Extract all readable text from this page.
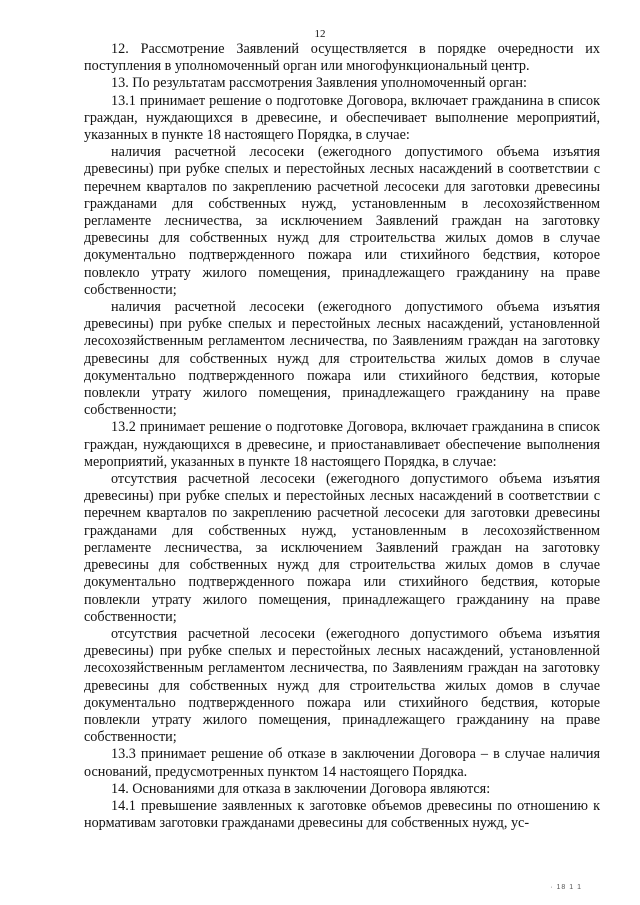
12

12. Рассмотрение Заявлений осуществляется в порядке очередности их поступления в уполномоченный орган или многофункциональный центр.

13. По результатам рассмотрения Заявления уполномоченный орган:

13.1 принимает решение о подготовке Договора, включает гражданина в список граждан, нуждающихся в древесине, и обеспечивает выполнение мероприятий, указанных в пункте 18 настоящего Порядка, в случае:

наличия расчетной лесосеки (ежегодного допустимого объема изъятия древесины) при рубке спелых и перестойных лесных насаждений в соответствии с перечнем кварталов по закреплению расчетной лесосеки для заготовки древесины гражданами для собственных нужд, установленным в лесохозяйственном регламенте лесничества, за исключением Заявлений граждан на заготовку древесины для собственных нужд для строительства жилых домов в случае документально подтвержденного пожара или стихийного бедствия, которое повлекло утрату жилого помещения, принадлежащего гражданину на праве собственности;

наличия расчетной лесосеки (ежегодного допустимого объема изъятия древесины) при рубке спелых и перестойных лесных насаждений, установленной лесохозяйственным регламентом лесничества, по Заявлениям граждан на заготовку древесины для собственных нужд для строительства жилых домов в случае документально подтвержденного пожара или стихийного бедствия, которые повлекли утрату жилого помещения, принадлежащего гражданину на праве собственности;

13.2 принимает решение о подготовке Договора, включает гражданина в список граждан, нуждающихся в древесине, и приостанавливает обеспечение выполнения мероприятий, указанных в пункте 18 настоящего Порядка, в случае:

отсутствия расчетной лесосеки (ежегодного допустимого объема изъятия древесины) при рубке спелых и перестойных лесных насаждений в соответствии с перечнем кварталов по закреплению расчетной лесосеки для заготовки древесины гражданами для собственных нужд, установленным в лесохозяйственном регламенте лесничества, за исключением Заявлений граждан на заготовку древесины для собственных нужд для строительства жилых домов в случае документально подтвержденного пожара или стихийного бедствия, которые повлекли утрату жилого помещения, принадлежащего гражданину на праве собственности;

отсутствия расчетной лесосеки (ежегодного допустимого объема изъятия древесины) при рубке спелых и перестойных лесных насаждений, установленной лесохозяйственным регламентом лесничества, по Заявлениям граждан на заготовку древесины для собственных нужд для строительства жилых домов в случае документально подтвержденного пожара или стихийного бедствия, которые повлекли утрату жилого помещения, принадлежащего гражданину на праве собственности;

13.3 принимает решение об отказе в заключении Договора – в случае наличия оснований, предусмотренных пунктом 14 настоящего Порядка.

14. Основаниями для отказа в заключении Договора являются:

14.1 превышение заявленных к заготовке объемов древесины по отношению к нормативам заготовки гражданами древесины для собственных нужд, ус-

· 18 1 1
